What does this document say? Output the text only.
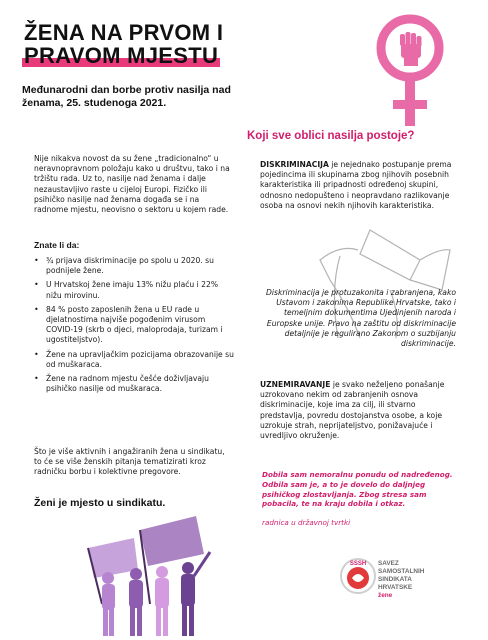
ŽENA NA PRVOM I
PRAVOM MJESTU
Međunarodni dan borbe protiv nasilja nad ženama, 25. studenoga 2021.
Nije nikakva novost da su žene „tradicionalno“ u neravnopravnom položaju kako u društvu, tako i na tržištu rada. Uz to, nasilje nad ženama i dalje nezaustavljivo raste u cijeloj Europi. Fizičko ili psihičko nasilje nad ženama događa se i na radnome mjestu, neovisno o sektoru u kojem rade.
Znate li da:
• ¾ prijava diskriminacije po spolu u 2020. su podnijele žene.
• U Hrvatskoj žene imaju 13% nižu plaću i 22% nižu mirovinu.
• 84 % posto zaposlenih žena u EU rade u djelatnostima najviše pogođenim virusom COVID-19 (skrb o djeci, maloprodaja, turizam i ugostiteljstvo).
• Žene na upravljačkim pozicijama obrazovanije su od muškaraca.
• Žene na radnom mjestu češće doživljavaju psihičko nasilje od muškaraca.
Što je više aktivnih i angažiranih žena u sindikatu, to će se više ženskih pitanja tematizirati kroz radničku borbu i kolektivne pregovore.
Ženi je mjesto u sindikatu.
Koji sve oblici nasilja postoje?
DISKRIMINACIJA je nejednako postupanje prema pojedincima ili skupinama zbog njihovih posebnih karakteristika ili pripadnosti određenoj skupini, odnosno nedopušteno i neopravdano razlikovanje osoba na osnovi nekih njihovih karakteristika.
Diskriminacija je protuzakonita i zabranjena, kako Ustavom i zakonima Republike Hrvatske, tako i temeljnim dokumentima Ujedinjenih naroda i Europske unije. Pravo na zaštitu od diskriminacije detaljnije je regulirano Zakonom o suzbijanju diskriminacije.
UZNEMIRAVANJE je svako neželjeno ponašanje uzrokovano nekim od zabranjenih osnova diskriminacije, koje ima za cilj, ili stvarno predstavlja, povredu dostojanstva osobe, a koje uzrokuje strah, neprijateljstvo, ponižavajuće i uvredljivo okruženje.
Dobila sam nemoralnu ponudu od nadređenog. Odbila sam je, a to je dovelo do daljnjeg psihičkog zlostavljanja. Zbog stresa sam pobacila, te na kraju dobila i otkaz.
radnica u državnoj tvrtki
SSSH SAVEZ
SAMOSTALNIH
SINDIKATA
HRVATSKE
žene
